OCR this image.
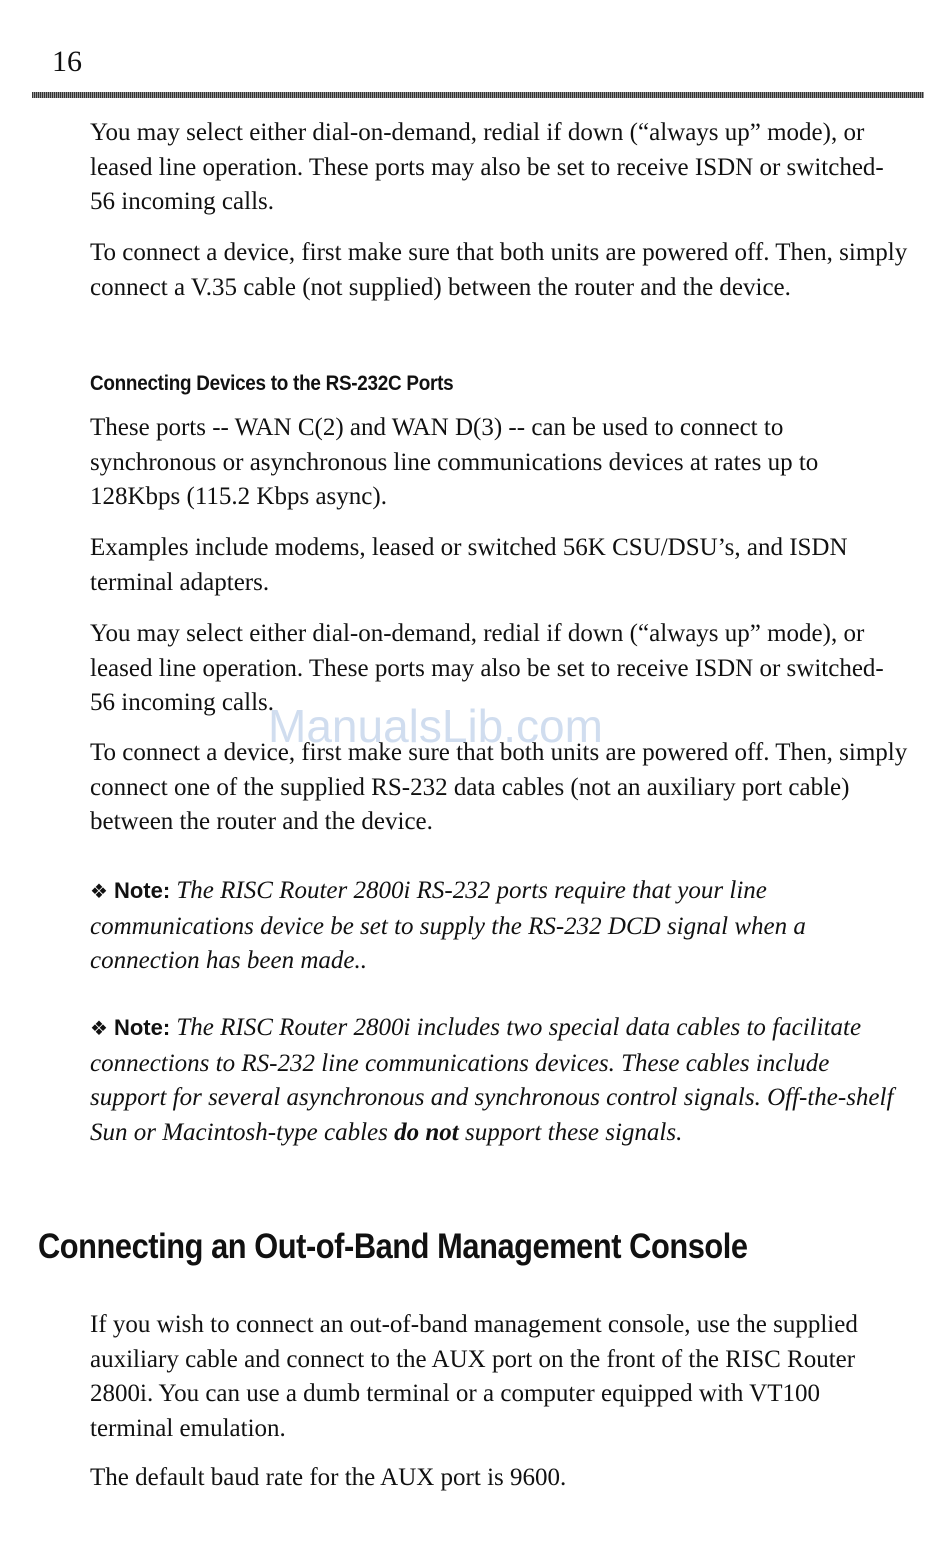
16

You may select either dial-on-demand, redial if down (“always up” mode), or leased line operation. These ports may also be set to receive ISDN or switched-56 incoming calls.

To connect a device, first make sure that both units are powered off. Then, simply connect a V.35 cable (not supplied) between the router and the device.

Connecting Devices to the RS-232C Ports

These ports -- WAN C(2) and WAN D(3) -- can be used to connect to synchronous or asynchronous line communications devices at rates up to 128Kbps (115.2 Kbps async).

Examples include modems, leased or switched 56K CSU/DSU’s, and ISDN terminal adapters.

You may select either dial-on-demand, redial if down (“always up” mode), or leased line operation. These ports may also be set to receive ISDN or switched-56 incoming calls.

To connect a device, first make sure that both units are powered off. Then, simply connect one of the supplied RS-232 data cables (not an auxiliary port cable) between the router and the device.

❖ Note: The RISC Router 2800i RS-232 ports require that your line communications device be set to supply the RS-232 DCD signal when a connection has been made..

❖ Note: The RISC Router 2800i includes two special data cables to facilitate connections to RS-232 line communications devices. These cables include support for several asynchronous and synchronous control signals. Off-the-shelf Sun or Macintosh-type cables do not support these signals.

Connecting an Out-of-Band Management Console

If you wish to connect an out-of-band management console, use the supplied auxiliary cable and connect to the AUX port on the front of the RISC Router 2800i. You can use a dumb terminal or a computer equipped with VT100 terminal emulation.

The default baud rate for the AUX port is 9600.

ManualsLib.com
